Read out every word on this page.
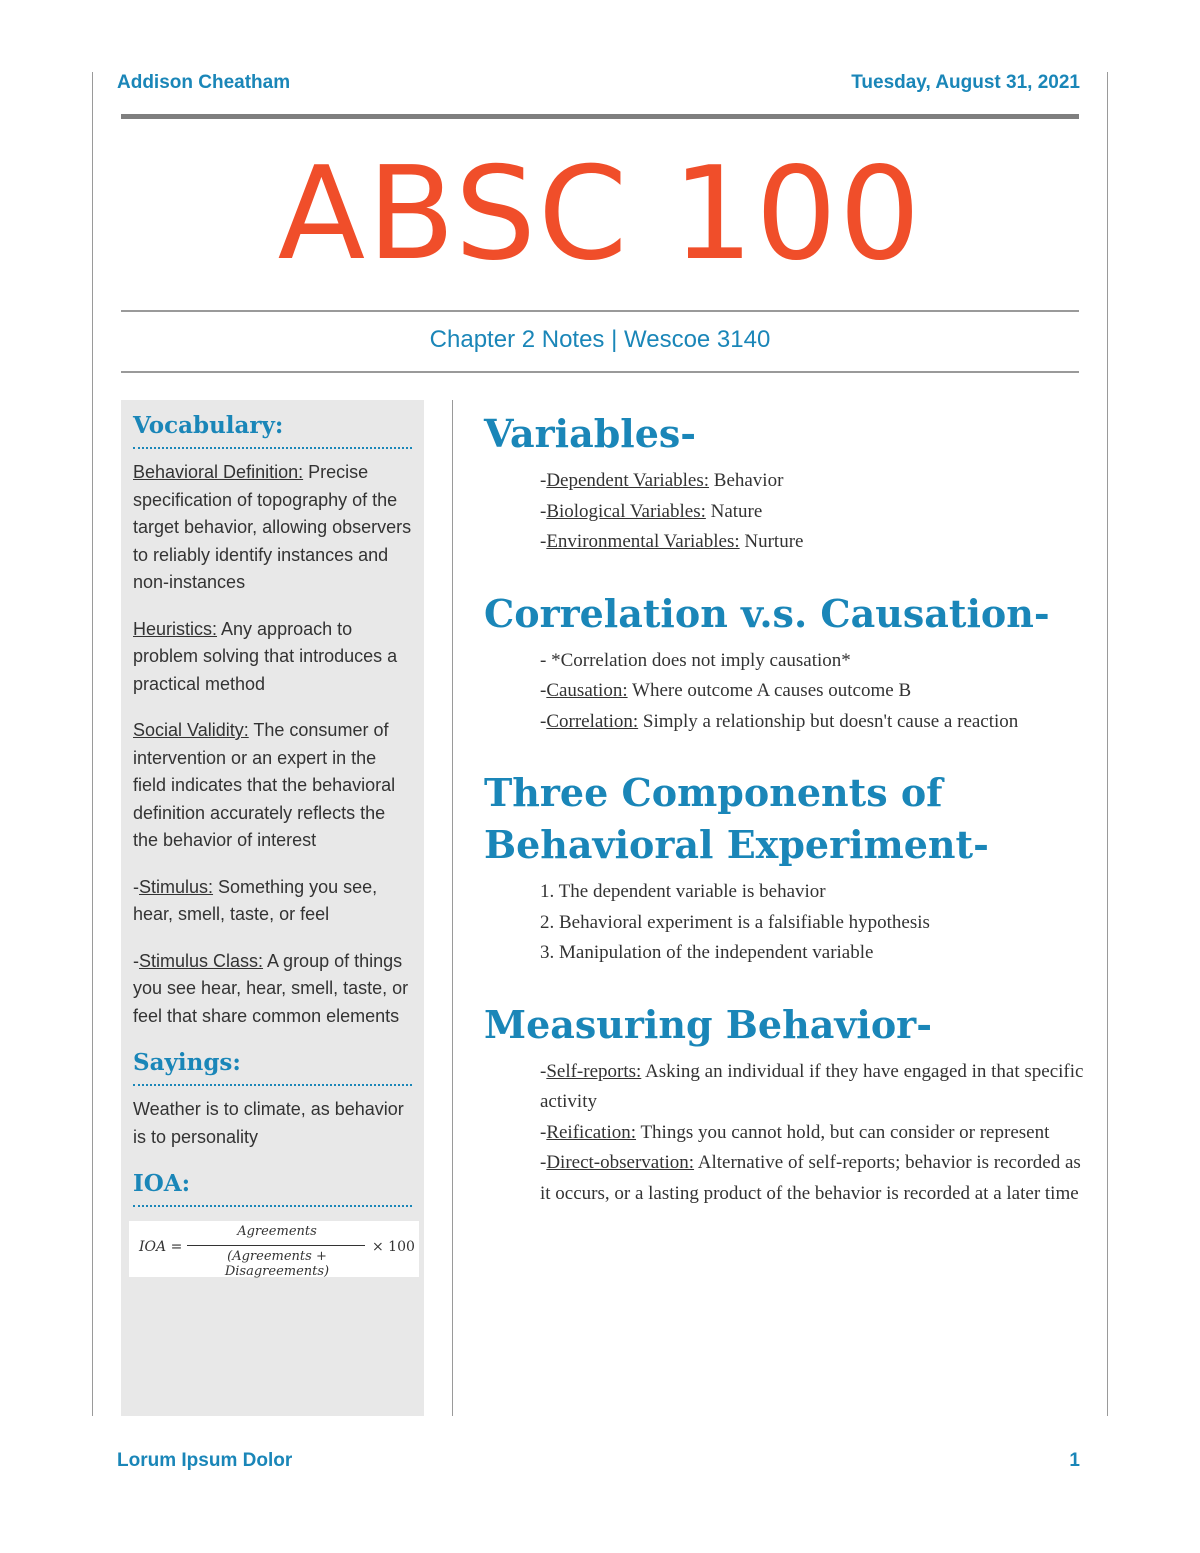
Addison Cheatham	Tuesday, August 31, 2021
ABSC 100
Chapter 2 Notes | Wescoe 3140
Vocabulary:

Behavioral Definition: Precise specification of topography of the target behavior, allowing observers to reliably identify instances and non-instances

Heuristics: Any approach to problem solving that introduces a practical method

Social Validity: The consumer of intervention or an expert in the field indicates that the behavioral definition accurately reflects the the behavior of interest

-Stimulus: Something you see, hear, smell, taste, or feel

-Stimulus Class: A group of things you see hear, hear, smell, taste, or feel that share common elements

Sayings:

Weather is to climate, as behavior is to personality

IOA:
IOA =
Agreements
(Agreements + Disagreements)
× 100
Variables-
-Dependent Variables: Behavior
-Biological Variables: Nature
-Environmental Variables: Nurture
Correlation v.s. Causation-
- *Correlation does not imply causation*
-Causation: Where outcome A causes outcome B
-Correlation: Simply a relationship but doesn't cause a reaction
Three Components of Behavioral Experiment-
1. The dependent variable is behavior
2. Behavioral experiment is a falsifiable hypothesis
3. Manipulation of the independent variable
Measuring Behavior-
-Self-reports: Asking an individual if they have engaged in that specific activity
-Reification: Things you cannot hold, but can consider or represent
-Direct-observation: Alternative of self-reports; behavior is recorded as it occurs, or a lasting product of the behavior is recorded at a later time
Lorum Ipsum Dolor	1
